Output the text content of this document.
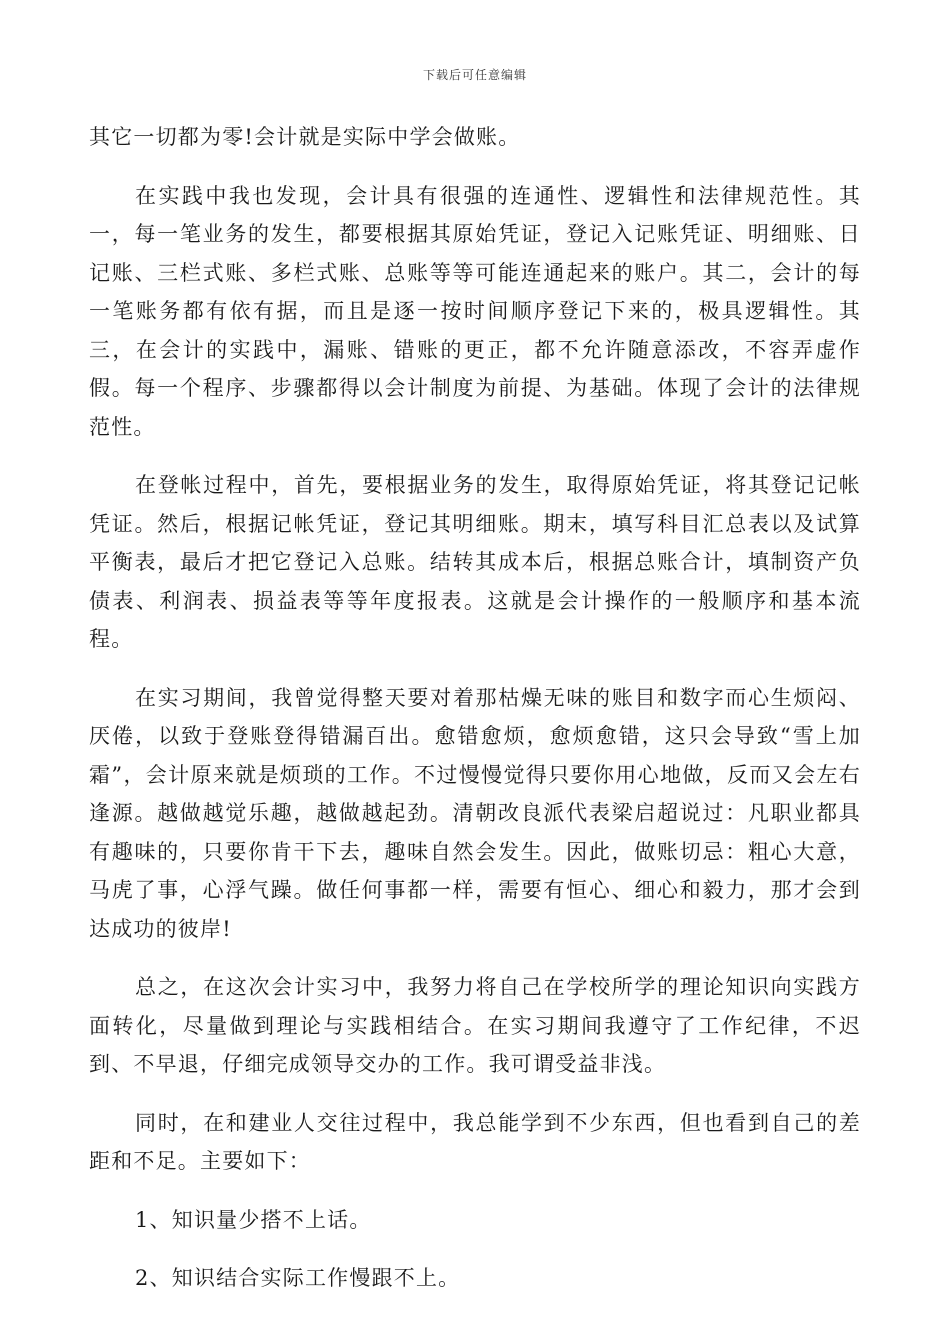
下载后可任意编辑

其它一切都为零!会计就是实际中学会做账。

在实践中我也发现，会计具有很强的连通性、逻辑性和法律规范性。其一，每一笔业务的发生，都要根据其原始凭证，登记入记账凭证、明细账、日记账、三栏式账、多栏式账、总账等等可能连通起来的账户。其二，会计的每一笔账务都有依有据，而且是逐一按时间顺序登记下来的，极具逻辑性。其三，在会计的实践中，漏账、错账的更正，都不允许随意添改，不容弄虚作假。每一个程序、步骤都得以会计制度为前提、为基础。体现了会计的法律规范性。

在登帐过程中，首先，要根据业务的发生，取得原始凭证，将其登记记帐凭证。然后，根据记帐凭证，登记其明细账。期末，填写科目汇总表以及试算平衡表，最后才把它登记入总账。结转其成本后，根据总账合计，填制资产负债表、利润表、损益表等等年度报表。这就是会计操作的一般顺序和基本流程。

在实习期间，我曾觉得整天要对着那枯燥无味的账目和数字而心生烦闷、厌倦，以致于登账登得错漏百出。愈错愈烦，愈烦愈错，这只会导致“雪上加霜”，会计原来就是烦琐的工作。不过慢慢觉得只要你用心地做，反而又会左右逢源。越做越觉乐趣，越做越起劲。清朝改良派代表梁启超说过：凡职业都具有趣味的，只要你肯干下去，趣味自然会发生。因此，做账切忌：粗心大意，马虎了事，心浮气躁。做任何事都一样，需要有恒心、细心和毅力，那才会到达成功的彼岸!

总之，在这次会计实习中，我努力将自己在学校所学的理论知识向实践方面转化，尽量做到理论与实践相结合。在实习期间我遵守了工作纪律，不迟到、不早退，仔细完成领导交办的工作。我可谓受益非浅。

同时，在和建业人交往过程中，我总能学到不少东西，但也看到自己的差距和不足。主要如下：

1、知识量少搭不上话。

2、知识结合实际工作慢跟不上。
